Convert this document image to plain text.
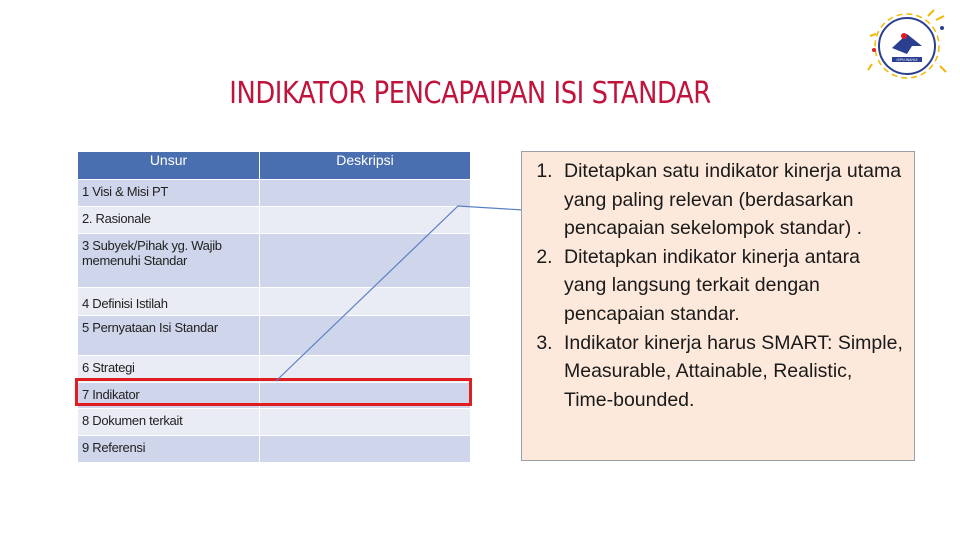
INDIKATOR PENCAPAIPAN ISI STANDAR
ISPN INAHUI
Unsur	Deskripsi
1 Visi & Misi PT	
2. Rasionale	

3 Subyek/Pihak yg. Wajib memenuhi Standar	

4 Definisi Istilah	
5 Pernyataan Isi Standar	
6 Strategi	
7 Indikator	
8 Dokumen terkait	
9 Referensi	
1. Ditetapkan satu indikator kinerja utama yang paling relevan (berdasarkan pencapaian sekelompok standar) .
2. Ditetapkan indikator kinerja antara yang langsung terkait dengan pencapaian standar.
3. Indikator kinerja harus SMART: Simple, Measurable, Attainable, Realistic, Time-bounded.
